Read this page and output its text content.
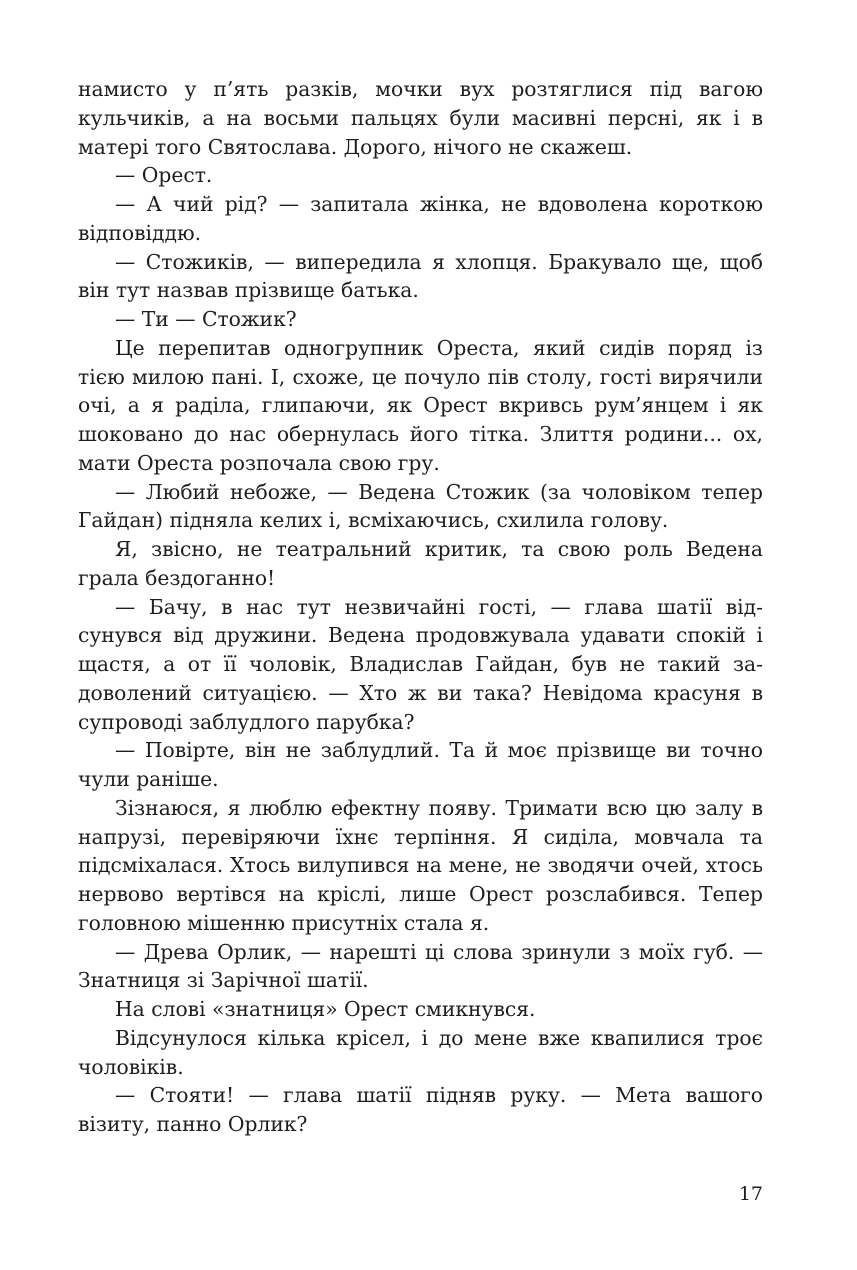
намисто у п’ять разків, мочки вух розтяглися під вагою кульчиків, а на восьми пальцях були масивні персні, як і в матері того Святослава. Дорого, нічого не скажеш.

— Орест.

— А чий рід? — запитала жінка, не вдоволена короткою відповіддю.

— Стожиків, — випередила я хлопця. Бракувало ще, щоб він тут назвав прізвище батька.

— Ти — Стожик?

Це перепитав одногрупник Ореста, який сидів поряд із тією милою пані. І, схоже, це почуло пів столу, гості вирячили очі, а я раділа, глипаючи, як Орест вкривсь рум’янцем і як шоковано до нас обернулась його тітка. Злиття родини... ох, мати Ореста розпочала свою гру.

— Любий небоже, — Ведена Стожик (за чоловіком тепер Гайдан) підняла келих і, всміхаючись, схилила голову.

Я, звісно, не театральний критик, та свою роль Ведена грала бездоганно!

— Бачу, в нас тут незвичайні гості, — глава шатії відсунувся від дружини. Ведена продовжувала удавати спокій і щастя, а от її чоловік, Владислав Гайдан, був не такий задоволений ситуацією. — Хто ж ви така? Невідома красуня в супроводі заблудлого парубка?

— Повірте, він не заблудлий. Та й моє прізвище ви точно чули раніше.

Зізнаюся, я люблю ефектну появу. Тримати всю цю залу в напрузі, перевіряючи їхнє терпіння. Я сиділа, мовчала та підсміхалася. Хтось вилупився на мене, не зводячи очей, хтось нервово вертівся на кріслі, лише Орест розслабився. Тепер головною мішенню присутніх стала я.

— Древа Орлик, — нарешті ці слова зринули з моїх губ. — Знатниця зі Зарічної шатії.

На слові «знатниця» Орест смикнувся.

Відсунулося кілька крісел, і до мене вже квапилися троє чоловіків.

— Стояти! — глава шатії підняв руку. — Мета вашого візиту, панно Орлик?

17
